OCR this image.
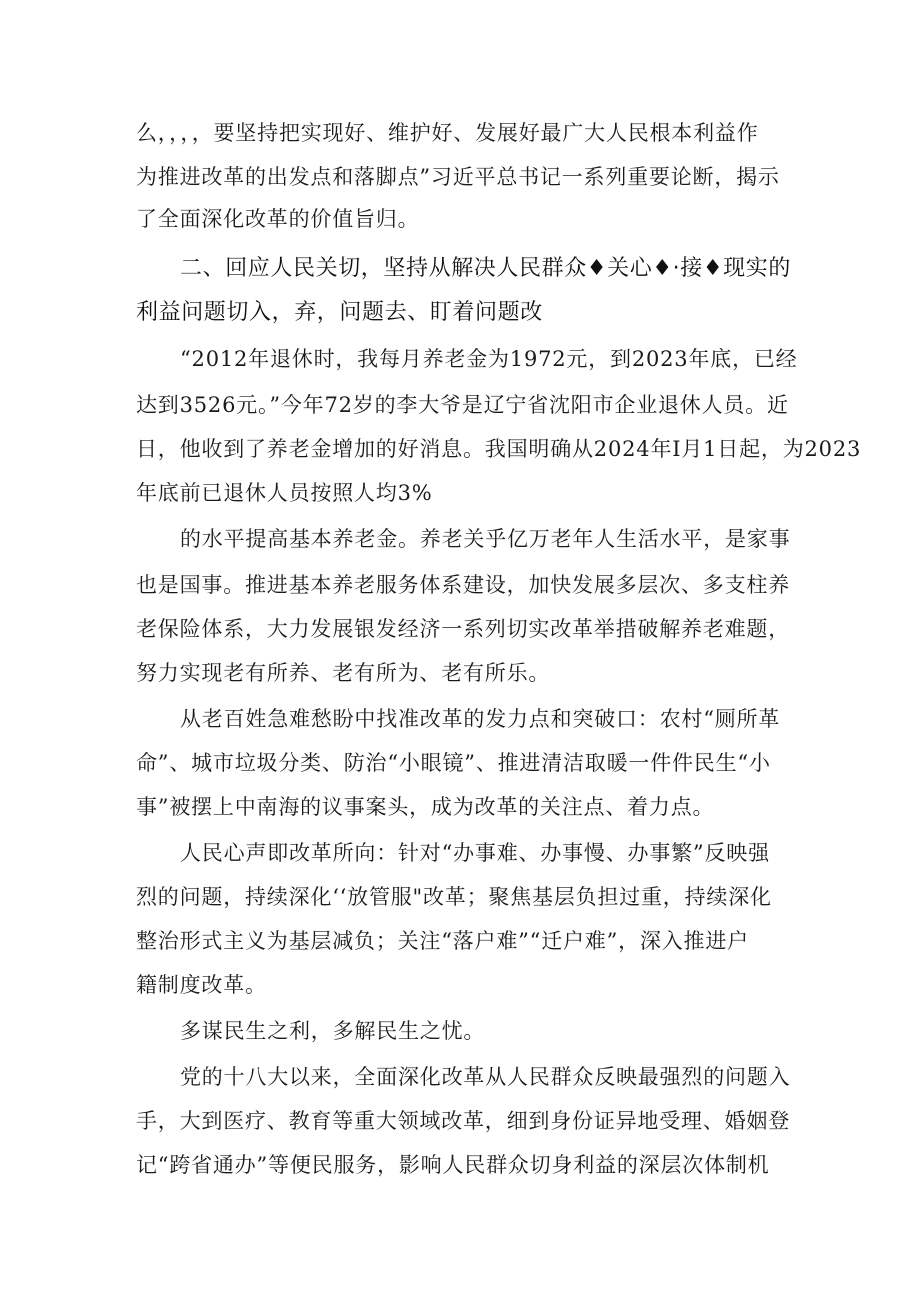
么，，，，要坚持把实现好、维护好、发展好最广大人民根本利益作
为推进改革的出发点和落脚点”习近平总书记一系列重要论断，揭示
了全面深化改革的价值旨归。
二、回应人民关切，坚持从解决人民群众♦关心♦·接♦现实的
利益问题切入，弃，问题去、盯着问题改
“2012年退休时，我每月养老金为1972元，到2023年底，已经
达到3526元。”今年72岁的李大爷是辽宁省沈阳市企业退休人员。近
日，他收到了养老金增加的好消息。我国明确从2024年I月1日起，为2023
年底前已退休人员按照人均3%
的水平提高基本养老金。养老关乎亿万老年人生活水平，是家事
也是国事。推进基本养老服务体系建设，加快发展多层次、多支柱养
老保险体系，大力发展银发经济一系列切实改革举措破解养老难题，
努力实现老有所养、老有所为、老有所乐。
从老百姓急难愁盼中找准改革的发力点和突破口：农村“厕所革
命”、城市垃圾分类、防治“小眼镜”、推进清洁取暖一件件民生“小
事”被摆上中南海的议事案头，成为改革的关注点、着力点。
人民心声即改革所向：针对“办事难、办事慢、办事繁”反映强
烈的问题，持续深化‘‘放管服"改革；聚焦基层负担过重，持续深化
整治形式主义为基层减负；关注“落户难”“迁户难”，深入推进户
籍制度改革。
多谋民生之利，多解民生之忧。
党的十八大以来，全面深化改革从人民群众反映最强烈的问题入
手，大到医疗、教育等重大领域改革，细到身份证异地受理、婚姻登
记“跨省通办”等便民服务，影响人民群众切身利益的深层次体制机
